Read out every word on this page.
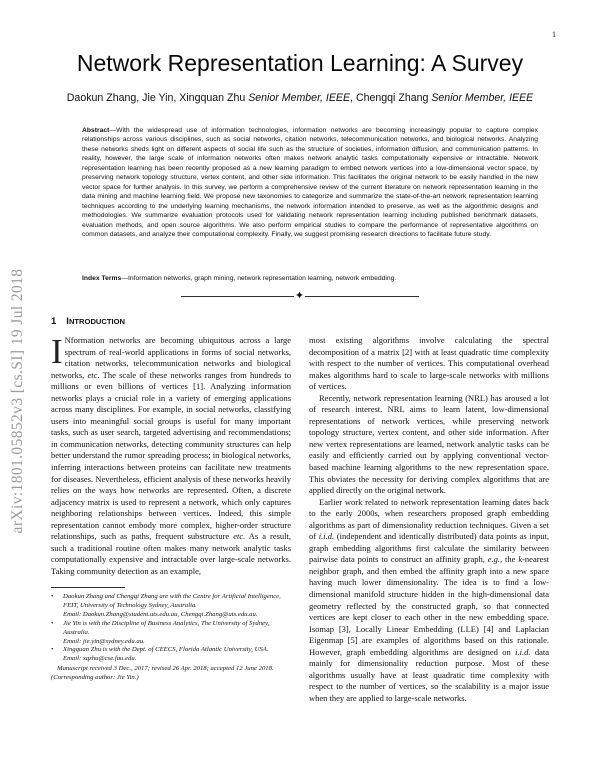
1
arXiv:1801.05852v3 [cs.SI] 19 Jul 2018
Network Representation Learning: A Survey
Daokun Zhang, Jie Yin, Xingquan Zhu Senior Member, IEEE, Chengqi Zhang Senior Member, IEEE
Abstract—With the widespread use of information technologies, information networks are becoming increasingly popular to capture complex relationships across various disciplines, such as social networks, citation networks, telecommunication networks, and biological networks. Analyzing these networks sheds light on different aspects of social life such as the structure of societies, information diffusion, and communication patterns. In reality, however, the large scale of information networks often makes network analytic tasks computationally expensive or intractable. Network representation learning has been recently proposed as a new learning paradigm to embed network vertices into a low-dimensional vector space, by preserving network topology structure, vertex content, and other side information. This facilitates the original network to be easily handled in the new vector space for further analysis. In this survey, we perform a comprehensive review of the current literature on network representation learning in the data mining and machine learning field. We propose new taxonomies to categorize and summarize the state-of-the-art network representation learning techniques according to the underlying learning mechanisms, the network information intended to preserve, as well as the algorithmic designs and methodologies. We summarize evaluation protocols used for validating network representation learning including published benchmark datasets, evaluation methods, and open source algorithms. We also perform empirical studies to compare the performance of representative algorithms on common datasets, and analyze their computational complexity. Finally, we suggest promising research directions to facilitate future study.
Index Terms—Information networks, graph mining, network representation learning, network embedding.
✦
1 INTRODUCTION

I Nformation networks are becoming ubiquitous across a large spectrum of real-world applications in forms of social networks, citation networks, telecommunication networks and biological networks, etc. The scale of these networks ranges from hundreds to millions or even billions of vertices [1]. Analyzing information networks plays a crucial role in a variety of emerging applications across many disciplines. For example, in social networks, classifying users into meaningful social groups is useful for many important tasks, such as user search, targeted advertising and recommendations; in communication networks, detecting community structures can help better understand the rumor spreading process; in biological networks, inferring interactions between proteins can facilitate new treatments for diseases. Nevertheless, efficient analysis of these networks heavily relies on the ways how networks are represented. Often, a discrete adjacency matrix is used to represent a network, which only captures neighboring relationships between vertices. Indeed, this simple representation cannot embody more complex, higher-order structure relationships, such as paths, frequent substructure etc. As a result, such a traditional routine often makes many network analytic tasks computationally expensive and intractable over large-scale networks. Taking community detection as an example,

• Daokun Zhang and Chengqi Zhang are with the Centre for Artificial Intelligence, FEIT, University of Technology Sydney, Australia.
Email: Daokun.Zhang@student.uts.edu.au, Chengqi.Zhang@uts.edu.au.
• Jie Yin is with the Discipline of Business Analytics, The University of Sydney, Australia.
Email: jie.yin@sydney.edu.au.
• Xingquan Zhu is with the Dept. of CEECS, Florida Atlantic University, USA.
Email: xqzhu@cse.fau.edu.
Manuscript received 3 Dec., 2017; revised 26 Apr. 2018; accepted 12 June 2018. (Corresponding author: Jie Yin.)

most existing algorithms involve calculating the spectral decomposition of a matrix [2] with at least quadratic time complexity with respect to the number of vertices. This computational overhead makes algorithms hard to scale to large-scale networks with millions of vertices.

Recently, network representation learning (NRL) has aroused a lot of research interest. NRL aims to learn latent, low-dimensional representations of network vertices, while preserving network topology structure, vertex content, and other side information. After new vertex representations are learned, network analytic tasks can be easily and efficiently carried out by applying conventional vector-based machine learning algorithms to the new representation space. This obviates the necessity for deriving complex algorithms that are applied directly on the original network.

Earlier work related to network representation learning dates back to the early 2000s, when researchers proposed graph embedding algorithms as part of dimensionality reduction techniques. Given a set of i.i.d. (independent and identically distributed) data points as input, graph embedding algorithms first calculate the similarity between pairwise data points to construct an affinity graph, e.g., the k-nearest neighbor graph, and then embed the affinity graph into a new space having much lower dimensionality. The idea is to find a low-dimensional manifold structure hidden in the high-dimensional data geometry reflected by the constructed graph, so that connected vertices are kept closer to each other in the new embedding space. Isomap [3], Locally Linear Embedding (LLE) [4] and Laplacian Eigenmap [5] are examples of algorithms based on this rationale. However, graph embedding algorithms are designed on i.i.d. data mainly for dimensionality reduction purpose. Most of these algorithms usually have at least quadratic time complexity with respect to the number of vertices, so the scalability is a major issue when they are applied to large-scale networks.
